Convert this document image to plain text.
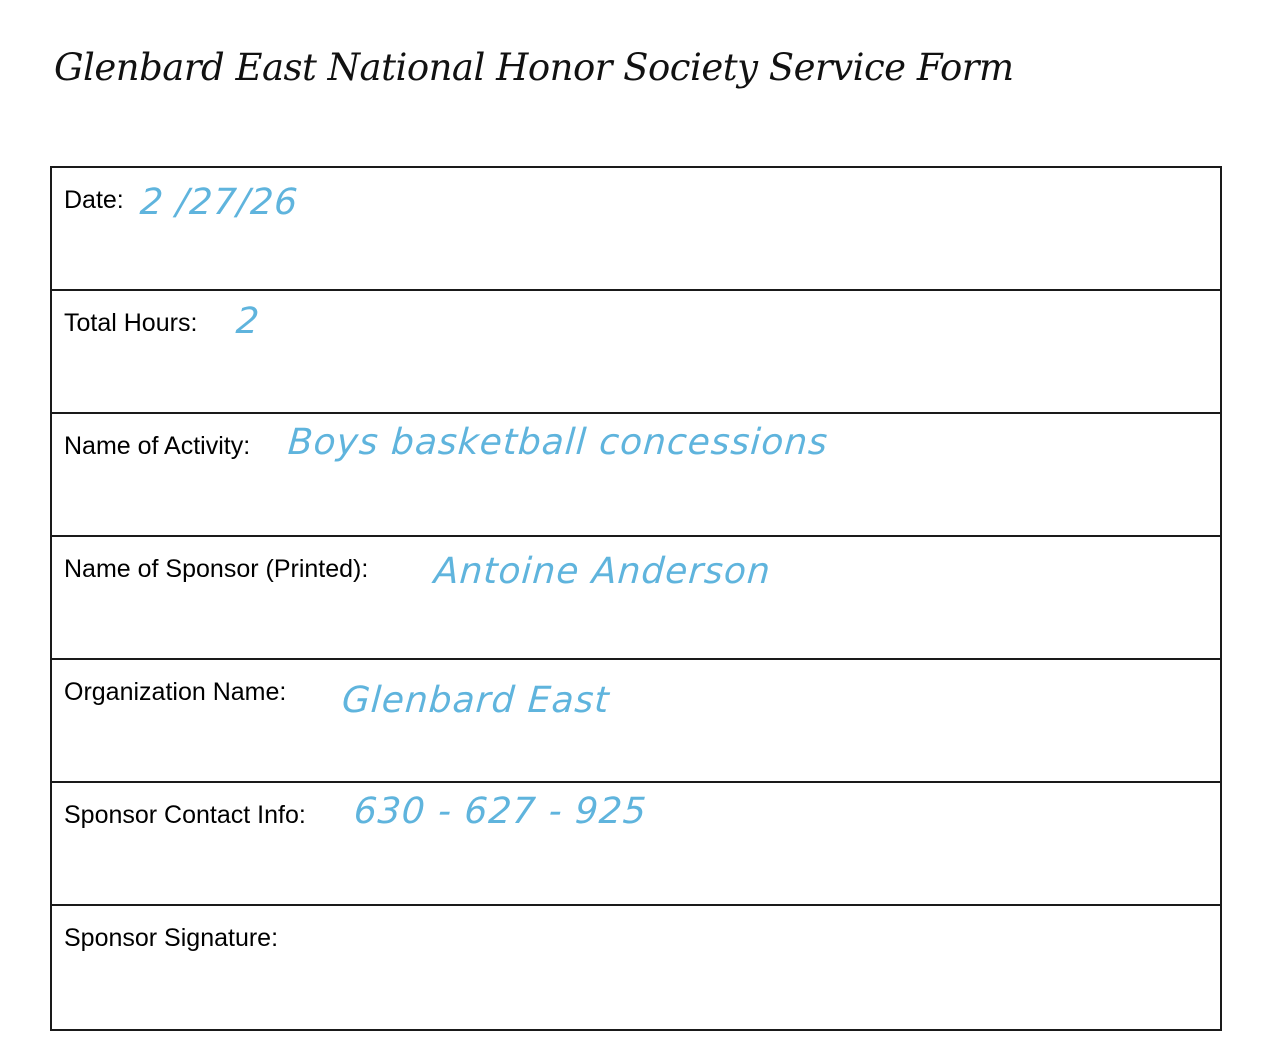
Glenbard East National Honor Society Service Form
Date: 2 /27/26
Total Hours: 2
Name of Activity: Boys basketball concessions
Name of Sponsor (Printed): Antoine Anderson
Organization Name: Glenbard East
Sponsor Contact Info: 630 - 627 - 925
Sponsor Signature:
